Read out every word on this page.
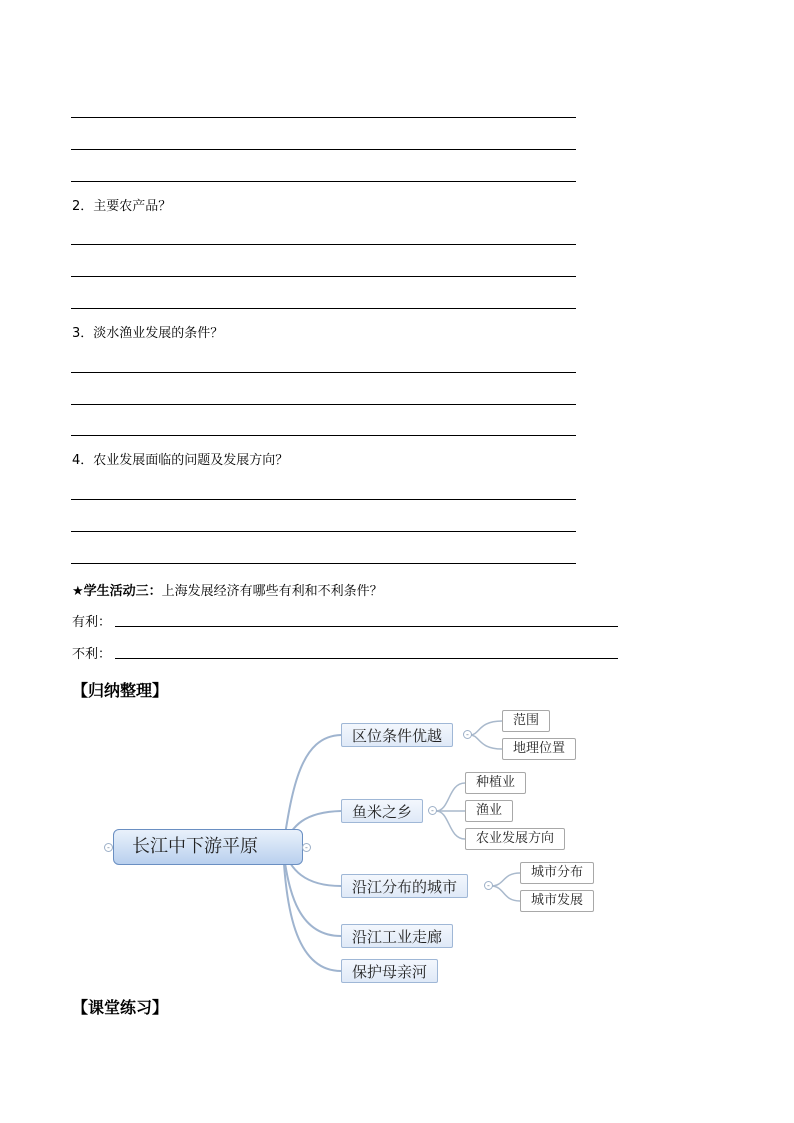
2．主要农产品？
3．淡水渔业发展的条件？
4．农业发展面临的问题及发展方向？
★学生活动三：上海发展经济有哪些有利和不利条件？
有利：
不利：
【归纳整理】
-	长江中下游平原	-
区位条件优越	-
鱼米之乡	-
沿江分布的城市	-
沿江工业走廊
保护母亲河
范围
地理位置
种植业
渔业
农业发展方向
城市分布
城市发展
【课堂练习】
